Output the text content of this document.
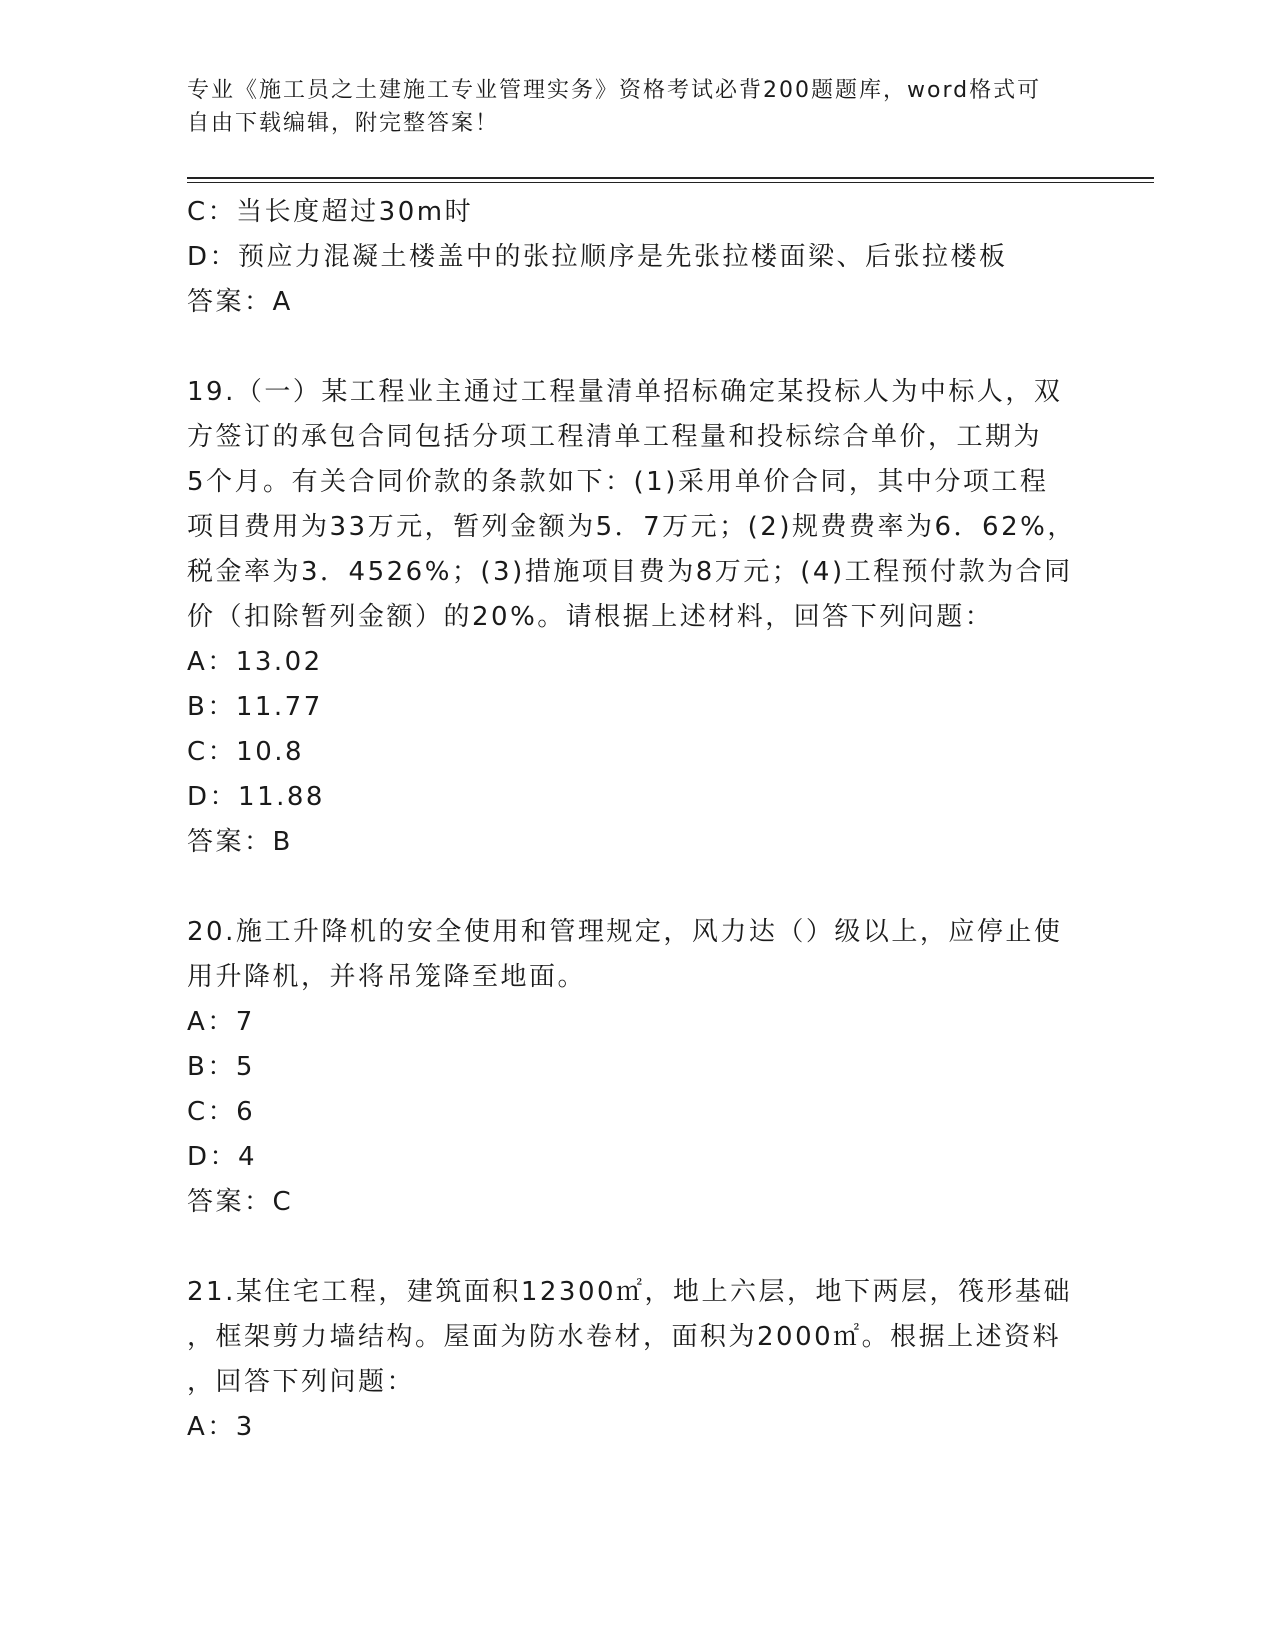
专业《施工员之土建施工专业管理实务》资格考试必背200题题库，word格式可
自由下载编辑，附完整答案！
C：当长度超过30m时
D：预应力混凝土楼盖中的张拉顺序是先张拉楼面梁、后张拉楼板
答案：A
19.（一）某工程业主通过工程量清单招标确定某投标人为中标人，双
方签订的承包合同包括分项工程清单工程量和投标综合单价，工期为
5个月。有关合同价款的条款如下：(1)采用单价合同，其中分项工程
项目费用为33万元，暂列金额为5．7万元；(2)规费费率为6．62%，
税金率为3．4526%；(3)措施项目费为8万元；(4)工程预付款为合同
价（扣除暂列金额）的20%。请根据上述材料，回答下列问题：
A：13.02
B：11.77
C：10.8
D：11.88
答案：B
20.施工升降机的安全使用和管理规定，风力达（）级以上，应停止使
用升降机，并将吊笼降至地面。
A：7
B：5
C：6
D：4
答案：C
21.某住宅工程，建筑面积12300㎡，地上六层，地下两层，筏形基础
，框架剪力墙结构。屋面为防水卷材，面积为2000㎡。根据上述资料
，回答下列问题：
A：3
